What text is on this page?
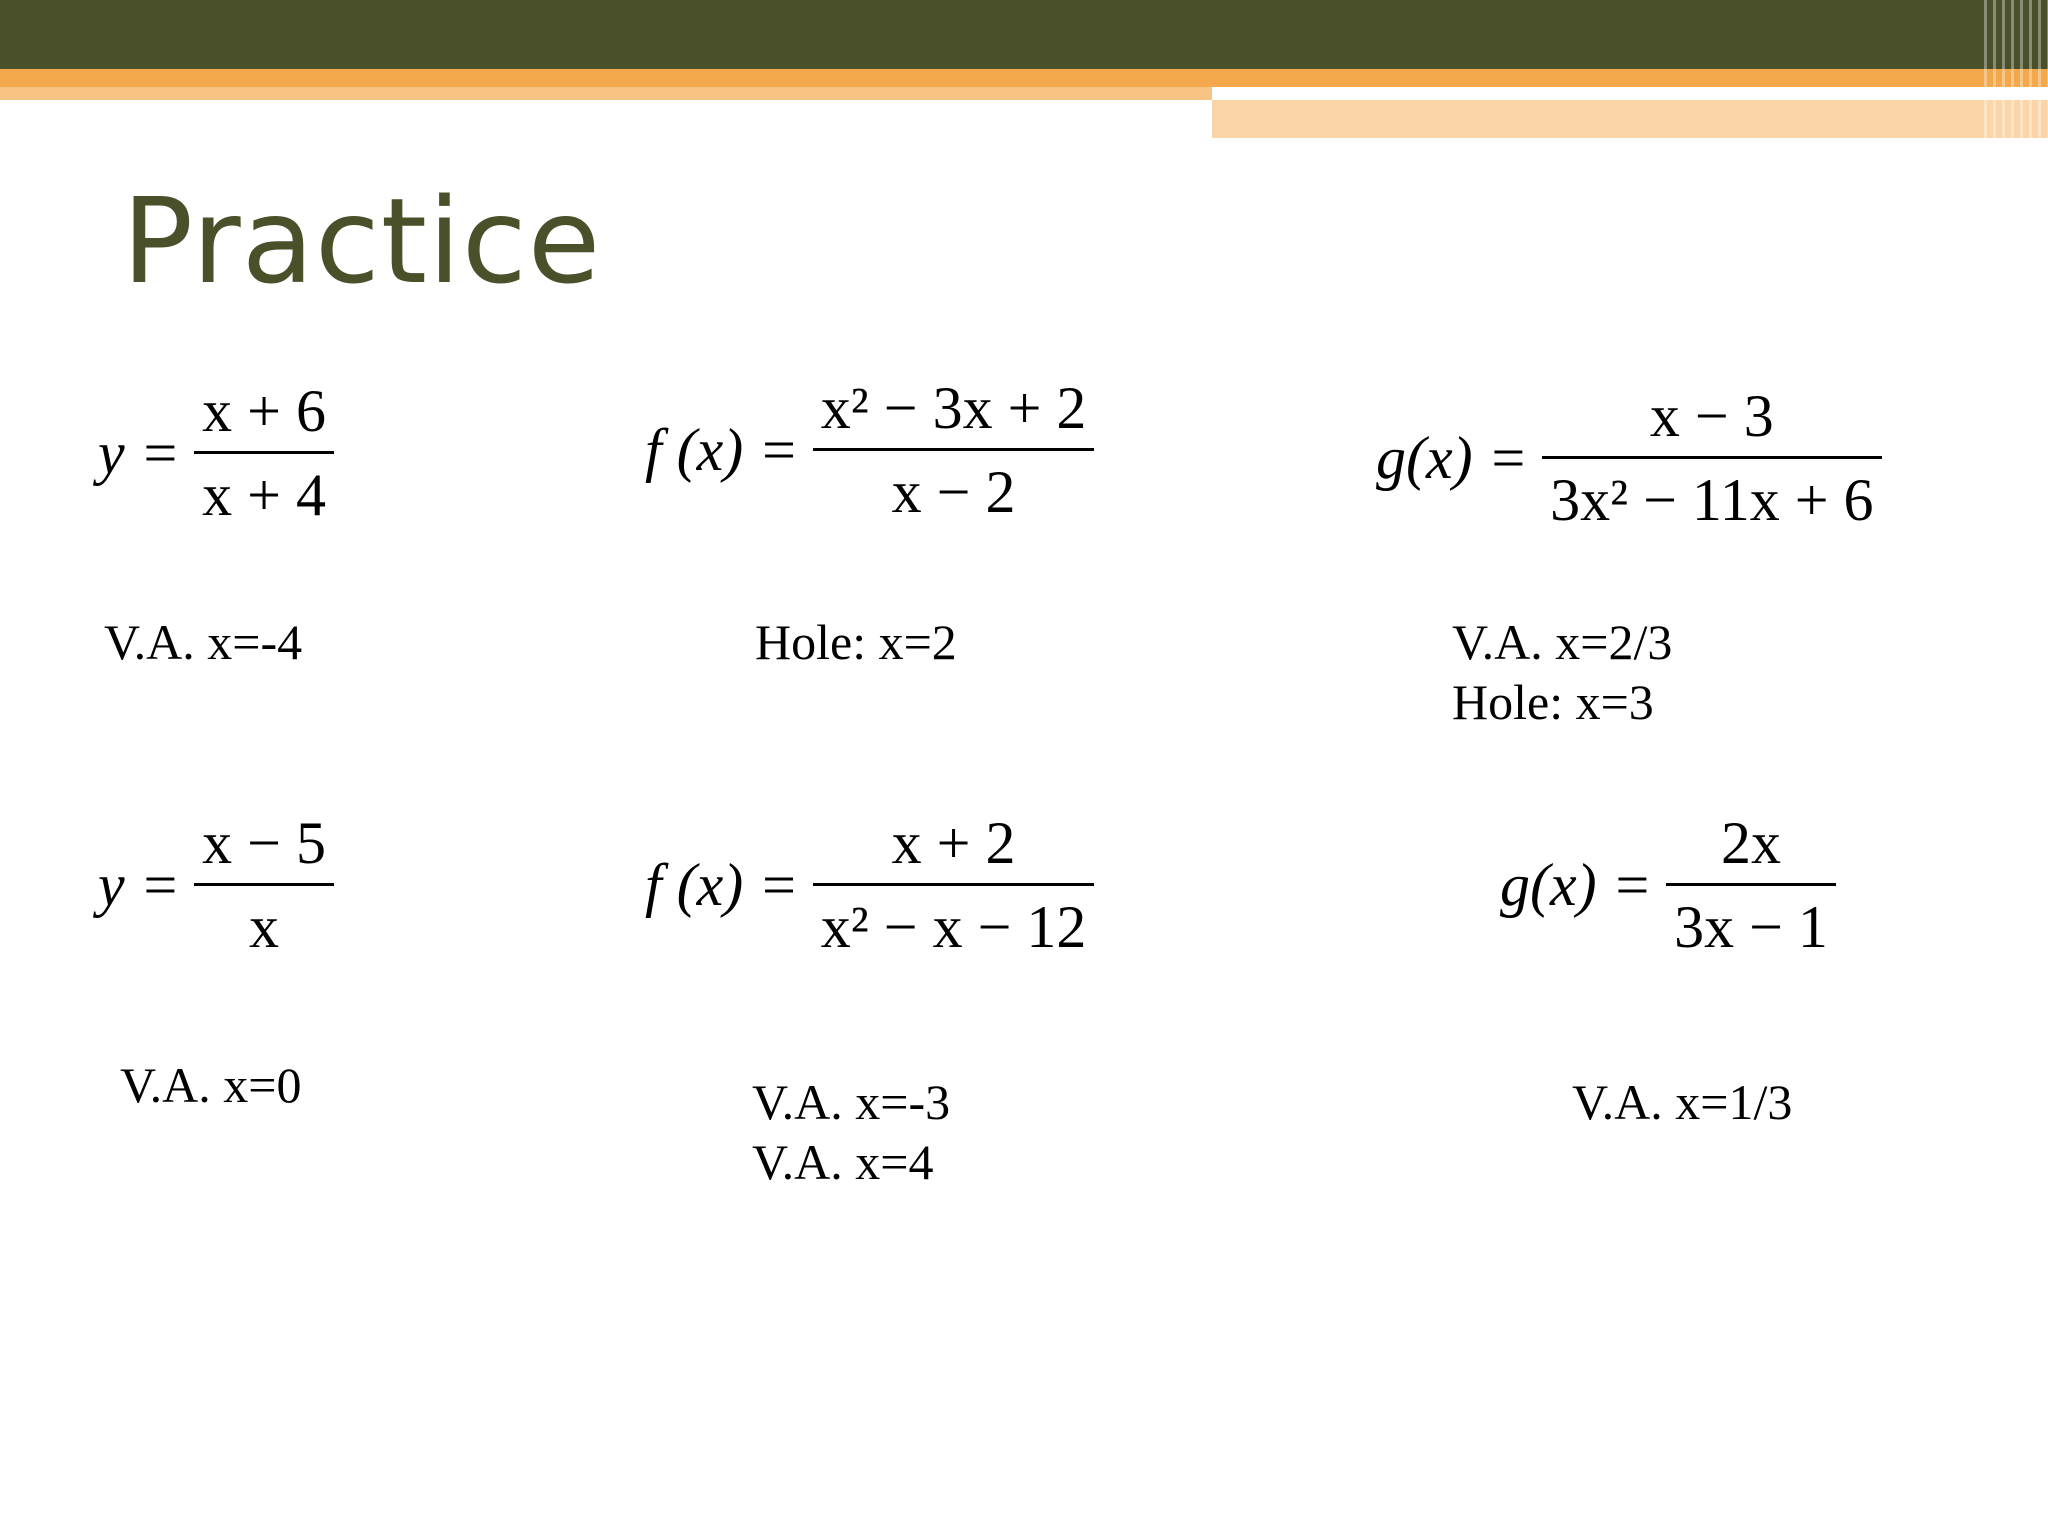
Practice
$y = \frac{x + 6}{x + 4}$
V.A. x=-4
f $(x) = \frac{\text{x² − 3x + 2}}{x - 2}$
Hole: x=2
$g(x) = \frac{x - 3}{\text{3x² − 11x + 6}}$
V.A. x=2/3
Hole: x=3
$y = \frac{x - 5}{x}$
V.A. x=0
f $(x) = \frac{x + 2}{\text{x² − x − 12}}$
V.A. x=-3
V.A. x=4
$g(x) = \frac{2x}{3x - 1}$
V.A. x=1/3
